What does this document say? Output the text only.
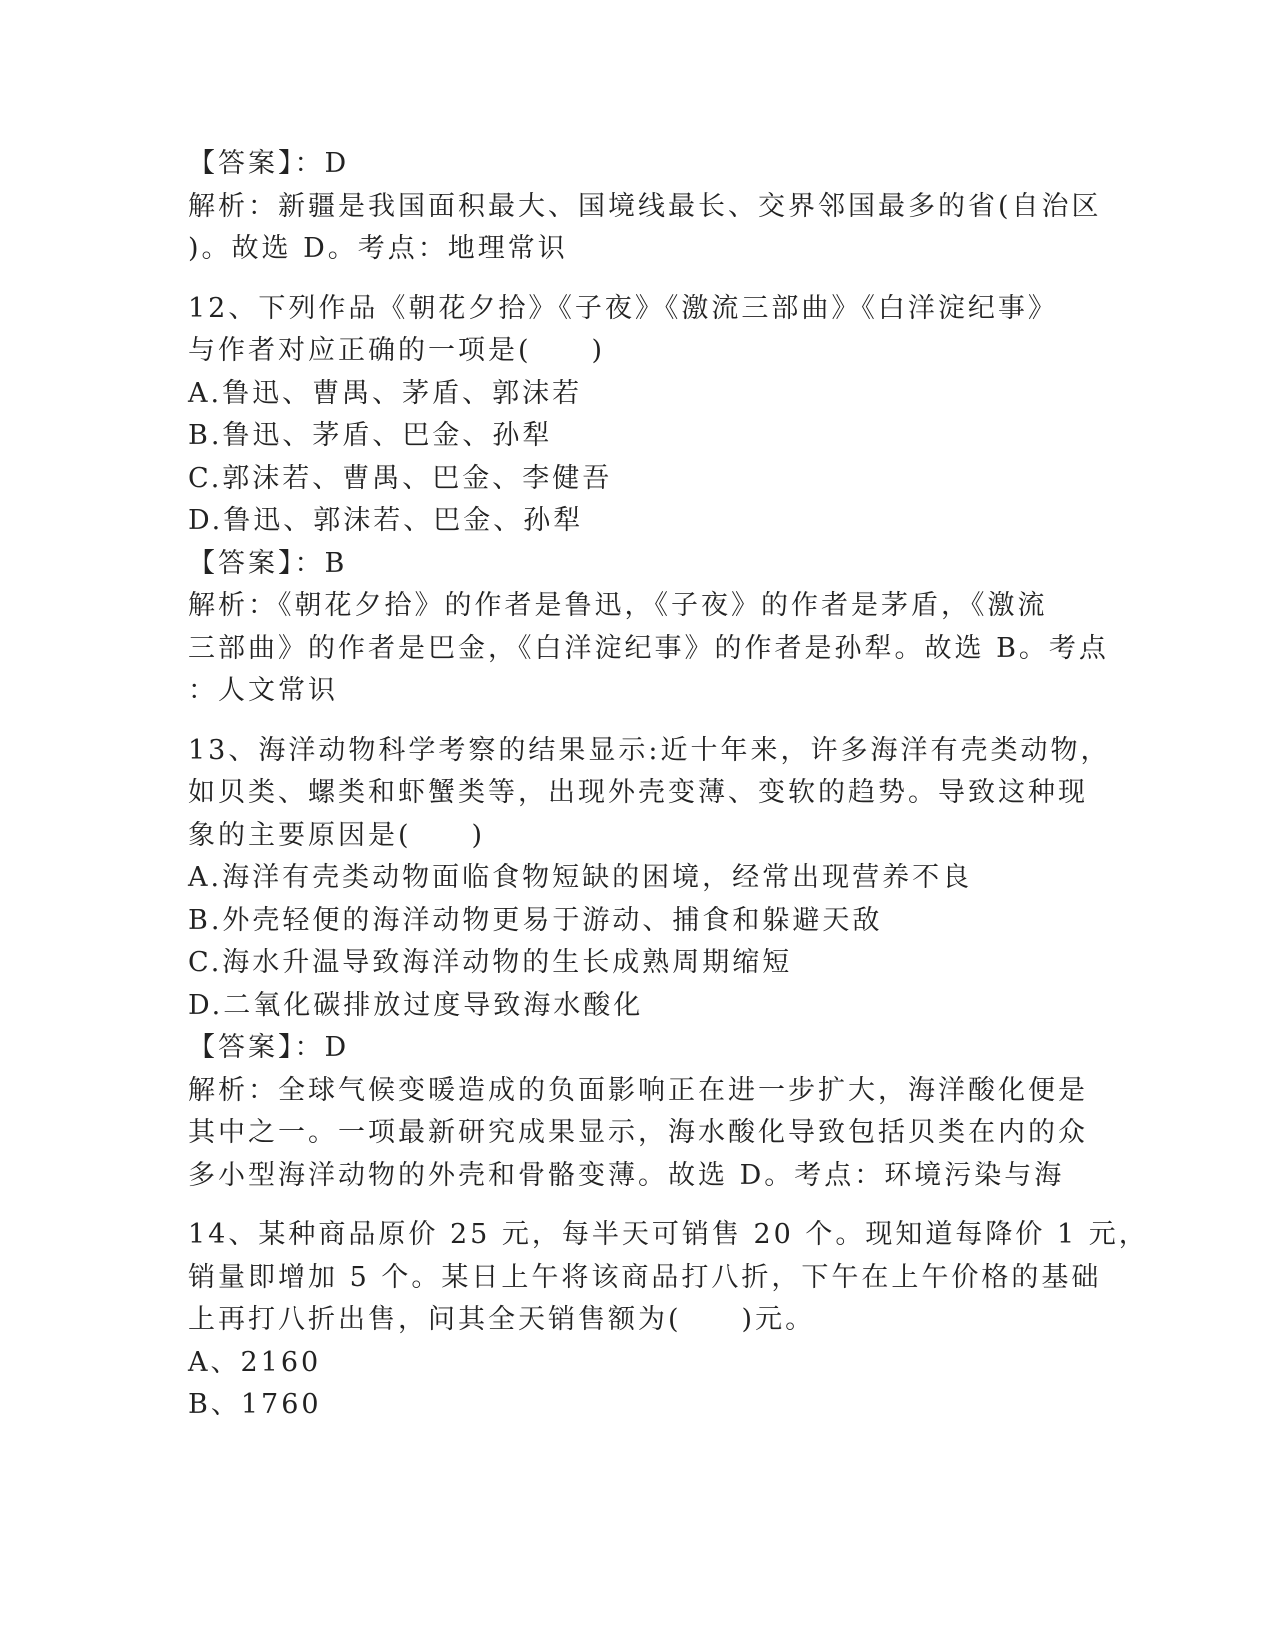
【答案】：D
解析：新疆是我国面积最大、国境线最长、交界邻国最多的省(自治区
)。故选 D。考点：地理常识
12、下列作品《朝花夕拾》《子夜》《激流三部曲》《白洋淀纪事》
与作者对应正确的一项是(　　)
A.鲁迅、曹禺、茅盾、郭沫若
B.鲁迅、茅盾、巴金、孙犁
C.郭沫若、曹禺、巴金、李健吾
D.鲁迅、郭沫若、巴金、孙犁
【答案】：B
解析：《朝花夕拾》的作者是鲁迅，《子夜》的作者是茅盾，《激流
三部曲》的作者是巴金，《白洋淀纪事》的作者是孙犁。故选 B。考点
：人文常识
13、海洋动物科学考察的结果显示:近十年来，许多海洋有壳类动物，
如贝类、螺类和虾蟹类等，出现外壳变薄、变软的趋势。导致这种现
象的主要原因是(　　)
A.海洋有壳类动物面临食物短缺的困境，经常出现营养不良
B.外壳轻便的海洋动物更易于游动、捕食和躲避天敌
C.海水升温导致海洋动物的生长成熟周期缩短
D.二氧化碳排放过度导致海水酸化
【答案】：D
解析：全球气候变暖造成的负面影响正在进一步扩大，海洋酸化便是
其中之一。一项最新研究成果显示，海水酸化导致包括贝类在内的众
多小型海洋动物的外壳和骨骼变薄。故选 D。考点：环境污染与海
14、某种商品原价 25 元，每半天可销售 20 个。现知道每降价 1 元，
销量即增加 5 个。某日上午将该商品打八折，下午在上午价格的基础
上再打八折出售，问其全天销售额为(　　)元。
A、2160
B、1760
